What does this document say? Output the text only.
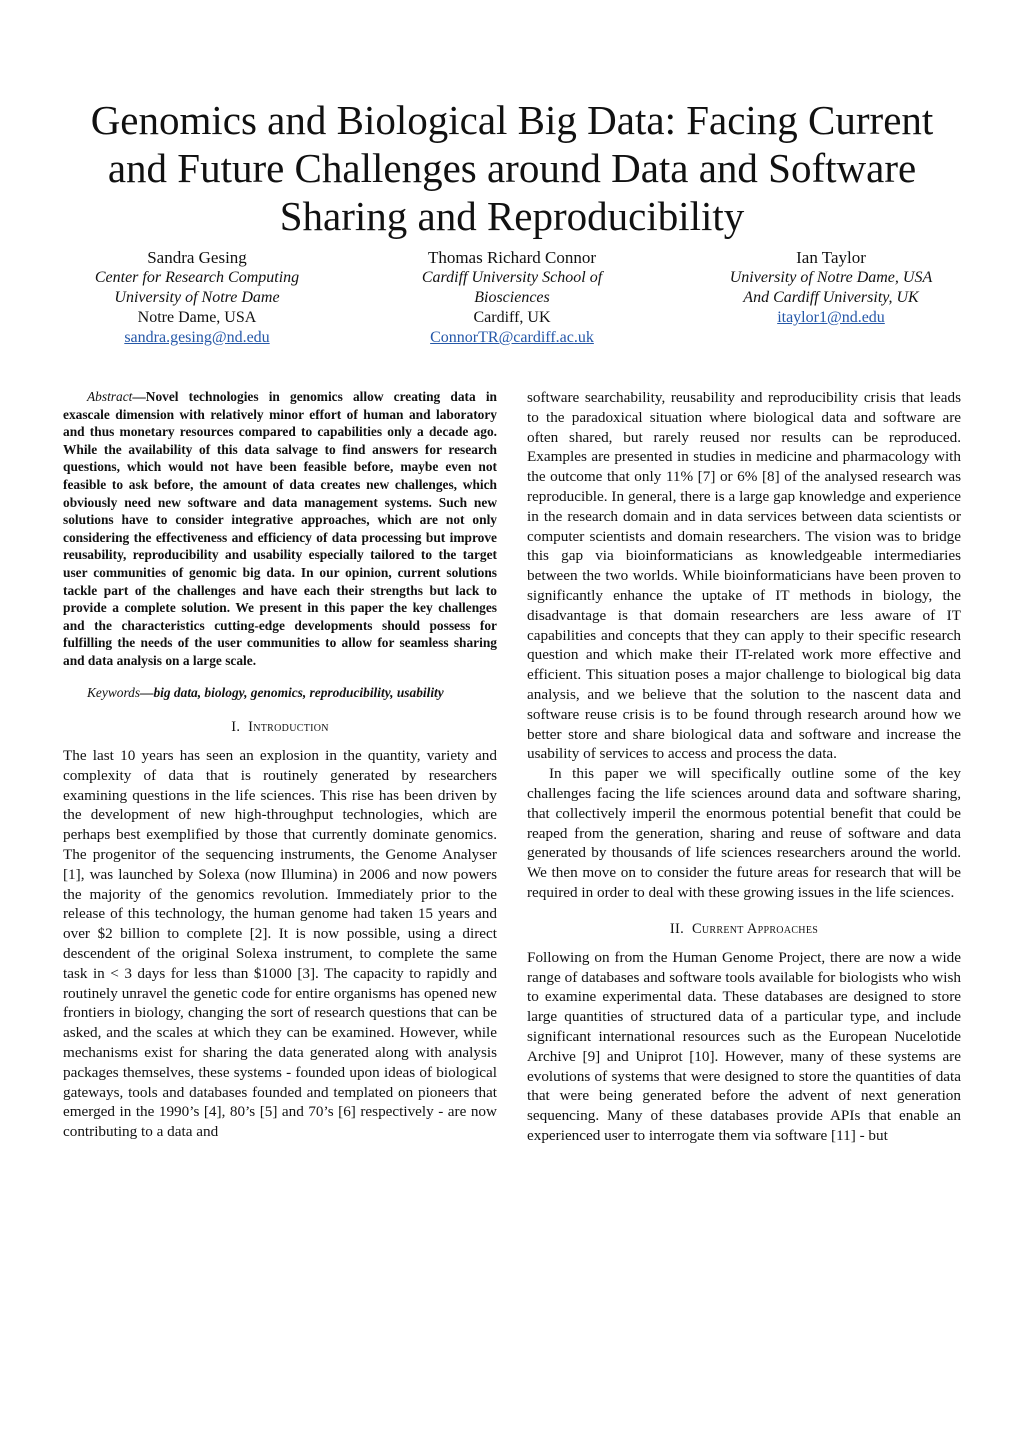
Genomics and Biological Big Data: Facing Current and Future Challenges around Data and Software Sharing and Reproducibility
Sandra Gesing
Center for Research Computing
University of Notre Dame
Notre Dame, USA
sandra.gesing@nd.edu
Thomas Richard Connor
Cardiff University School of
Biosciences
Cardiff, UK
ConnorTR@cardiff.ac.uk
Ian Taylor
University of Notre Dame, USA
And Cardiff University, UK
itaylor1@nd.edu

Abstract—Novel technologies in genomics allow creating data in exascale dimension with relatively minor effort of human and laboratory and thus monetary resources compared to capabilities only a decade ago. While the availability of this data salvage to find answers for research questions, which would not have been feasible before, maybe even not feasible to ask before, the amount of data creates new challenges, which obviously need new software and data management systems. Such new solutions have to consider integrative approaches, which are not only considering the effectiveness and efficiency of data processing but improve reusability, reproducibility and usability especially tailored to the target user communities of genomic big data. In our opinion, current solutions tackle part of the challenges and have each their strengths but lack to provide a complete solution. We present in this paper the key challenges and the characteristics cutting-edge developments should possess for fulfilling the needs of the user communities to allow for seamless sharing and data analysis on a large scale.

Keywords—big data, biology, genomics, reproducibility, usability

I. Introduction

The last 10 years has seen an explosion in the quantity, variety and complexity of data that is routinely generated by researchers examining questions in the life sciences. This rise has been driven by the development of new high-throughput technologies, which are perhaps best exemplified by those that currently dominate genomics. The progenitor of the sequencing instruments, the Genome Analyser [1], was launched by Solexa (now Illumina) in 2006 and now powers the majority of the genomics revolution. Immediately prior to the release of this technology, the human genome had taken 15 years and over $2 billion to complete [2]. It is now possible, using a direct descendent of the original Solexa instrument, to complete the same task in < 3 days for less than $1000 [3]. The capacity to rapidly and routinely unravel the genetic code for entire organisms has opened new frontiers in biology, changing the sort of research questions that can be asked, and the scales at which they can be examined. However, while mechanisms exist for sharing the data generated along with analysis packages themselves, these systems - founded upon ideas of biological gateways, tools and databases founded and templated on pioneers that emerged in the 1990’s [4], 80’s [5] and 70’s [6] respectively - are now contributing to a data and

software searchability, reusability and reproducibility crisis that leads to the paradoxical situation where biological data and software are often shared, but rarely reused nor results can be reproduced. Examples are presented in studies in medicine and pharmacology with the outcome that only 11% [7] or 6% [8] of the analysed research was reproducible. In general, there is a large gap knowledge and experience in the research domain and in data services between data scientists or computer scientists and domain researchers. The vision was to bridge this gap via bioinformaticians as knowledgeable intermediaries between the two worlds. While bioinformaticians have been proven to significantly enhance the uptake of IT methods in biology, the disadvantage is that domain researchers are less aware of IT capabilities and concepts that they can apply to their specific research question and which make their IT-related work more effective and efficient. This situation poses a major challenge to biological big data analysis, and we believe that the solution to the nascent data and software reuse crisis is to be found through research around how we better store and share biological data and software and increase the usability of services to access and process the data.

In this paper we will specifically outline some of the key challenges facing the life sciences around data and software sharing, that collectively imperil the enormous potential benefit that could be reaped from the generation, sharing and reuse of software and data generated by thousands of life sciences researchers around the world. We then move on to consider the future areas for research that will be required in order to deal with these growing issues in the life sciences.

II. Current Approaches

Following on from the Human Genome Project, there are now a wide range of databases and software tools available for biologists who wish to examine experimental data. These databases are designed to store large quantities of structured data of a particular type, and include significant international resources such as the European Nucelotide Archive [9] and Uniprot [10]. However, many of these systems are evolutions of systems that were designed to store the quantities of data that were being generated before the advent of next generation sequencing. Many of these databases provide APIs that enable an experienced user to interrogate them via software [11] - but
